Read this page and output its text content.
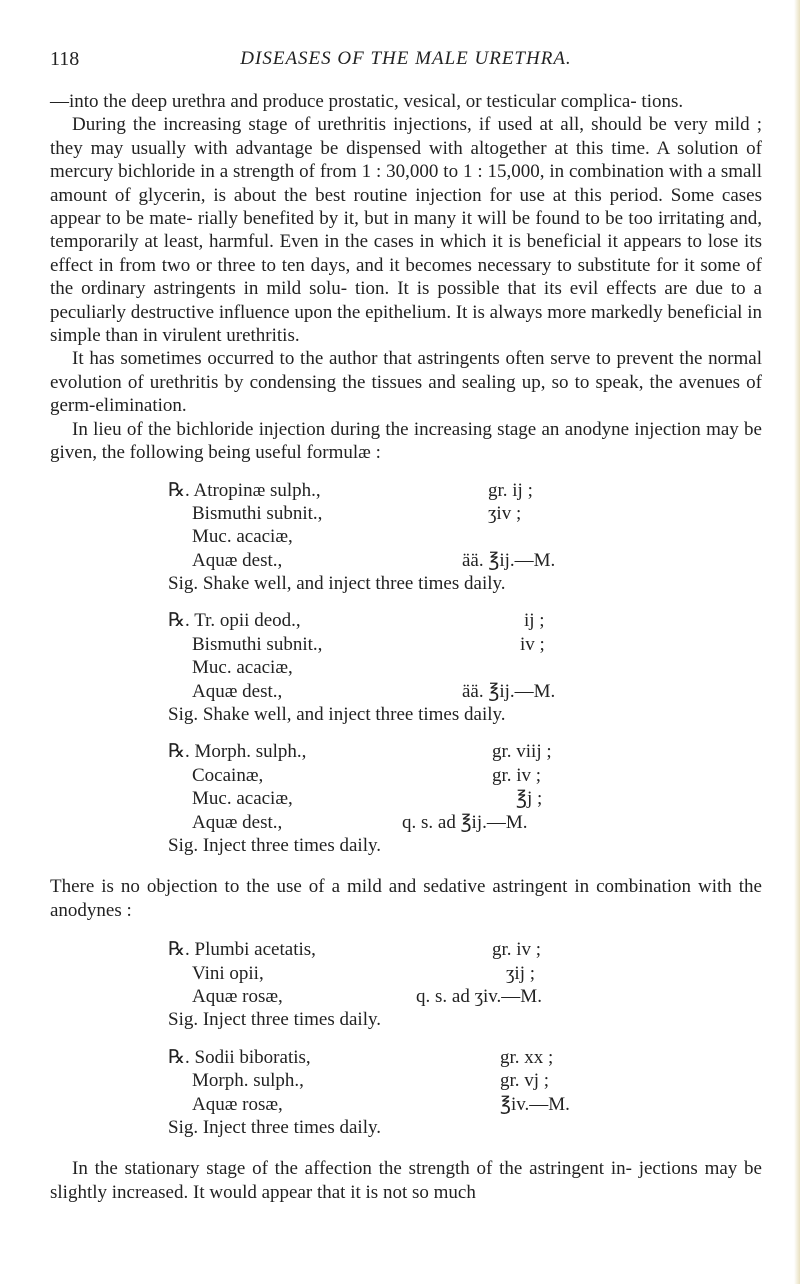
118	DISEASES OF THE MALE URETHRA.

—into the deep urethra and produce prostatic, vesical, or testicular complica- tions.

During the increasing stage of urethritis injections, if used at all, should be very mild ; they may usually with advantage be dispensed with altogether at this time. A solution of mercury bichloride in a strength of from 1 : 30,000 to 1 : 15,000, in combination with a small amount of glycerin, is about the best routine injection for use at this period. Some cases appear to be mate- rially benefited by it, but in many it will be found to be too irritating and, temporarily at least, harmful. Even in the cases in which it is beneficial it appears to lose its effect in from two or three to ten days, and it becomes necessary to substitute for it some of the ordinary astringents in mild solu- tion. It is possible that its evil effects are due to a peculiarly destructive influence upon the epithelium. It is always more markedly beneficial in simple than in virulent urethritis.

It has sometimes occurred to the author that astringents often serve to prevent the normal evolution of urethritis by condensing the tissues and sealing up, so to speak, the avenues of germ-elimination.

In lieu of the bichloride injection during the increasing stage an anodyne injection may be given, the following being useful formulæ :

℞. Atropinæ sulph.,	gr. ij ;
Bismuthi subnit.,	ʒiv ;
Muc. acaciæ,
Aquæ dest.,	ää. ℥ij.—M.
Sig. Shake well, and inject three times daily.
℞. Tr. opii deod.,	ij ;
Bismuthi subnit.,	iv ;
Muc. acaciæ,
Aquæ dest.,	ää. ℥ij.—M.
Sig. Shake well, and inject three times daily.
℞. Morph. sulph.,	gr. viij ;
Cocainæ,	gr. iv ;
Muc. acaciæ,	℥j ;
Aquæ dest.,	q. s. ad ℥ij.—M.
Sig. Inject three times daily.

There is no objection to the use of a mild and sedative astringent in combination with the anodynes :

℞. Plumbi acetatis,	gr. iv ;
Vini opii,	ʒij ;
Aquæ rosæ,	q. s. ad ʒiv.—M.
Sig. Inject three times daily.
℞. Sodii biboratis,	gr. xx ;
Morph. sulph.,	gr. vj ;
Aquæ rosæ,	℥iv.—M.
Sig. Inject three times daily.

In the stationary stage of the affection the strength of the astringent in- jections may be slightly increased. It would appear that it is not so much
